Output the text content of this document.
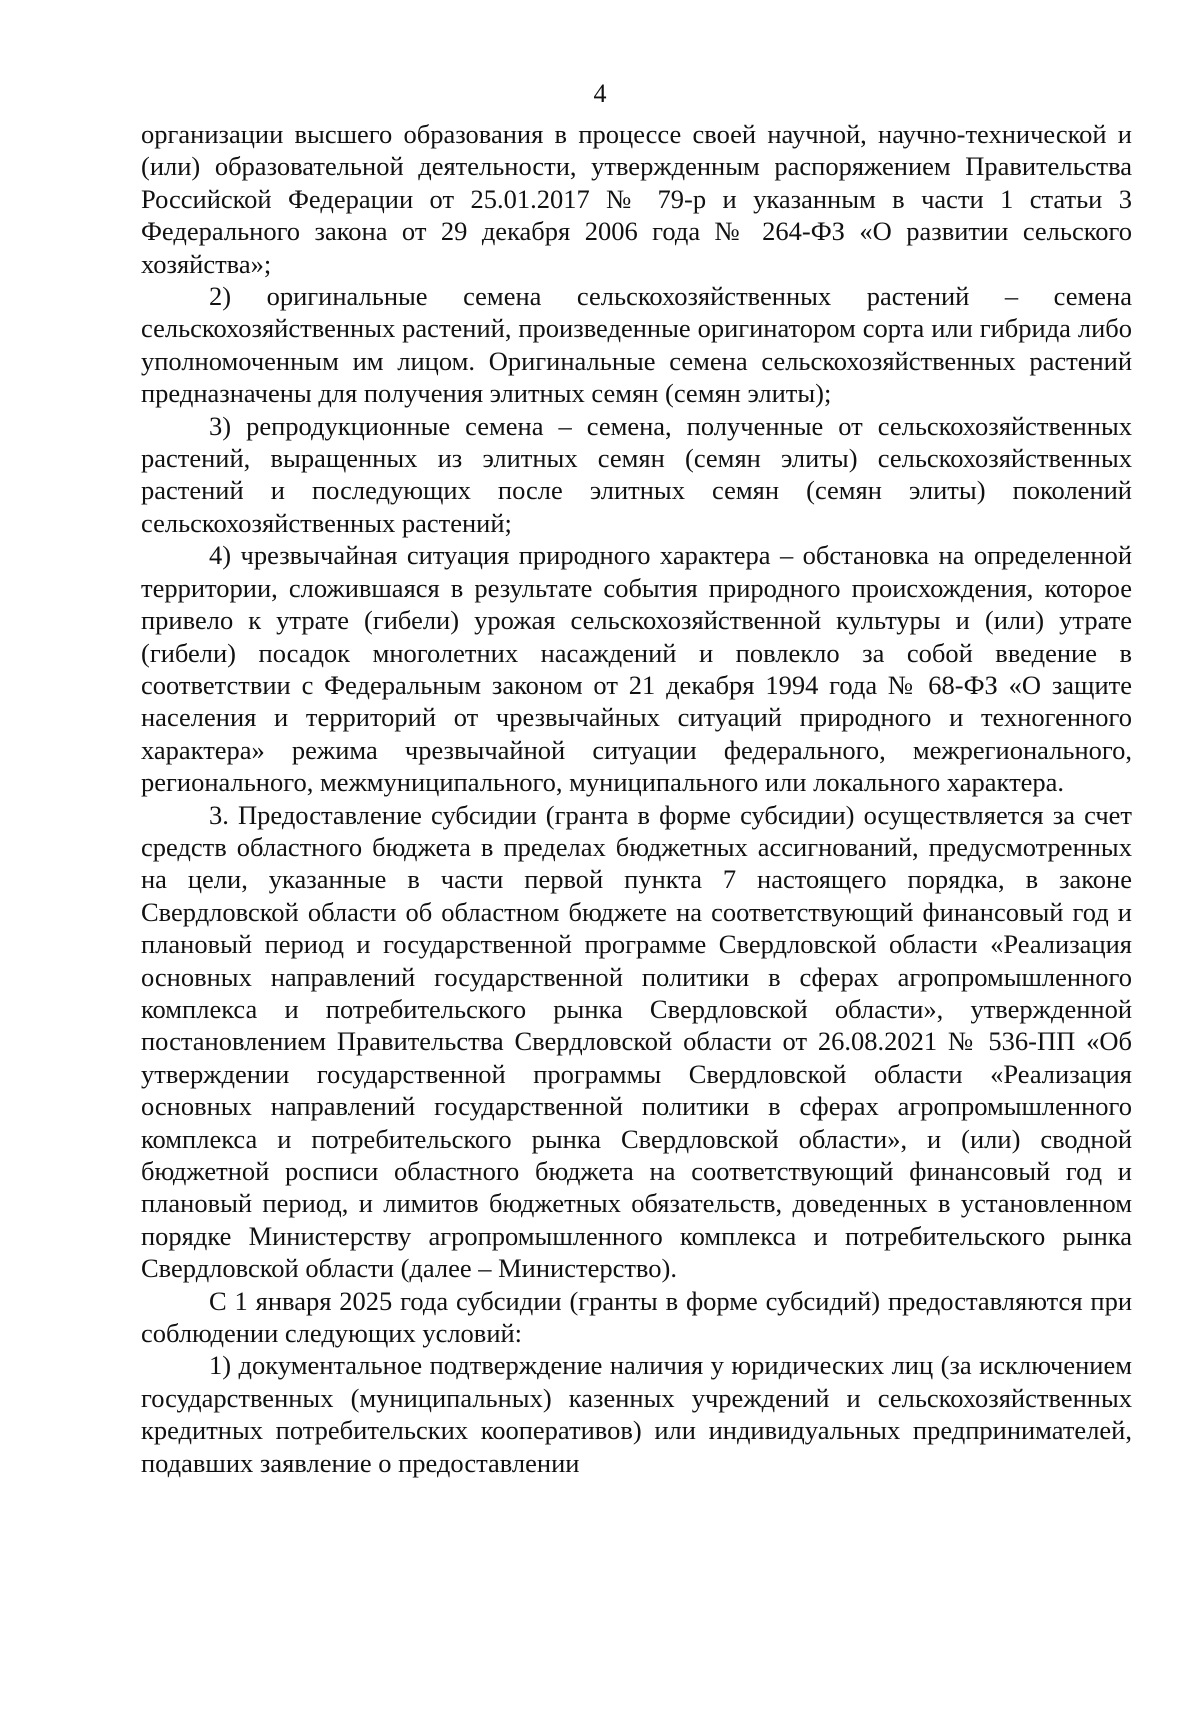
4

организации высшего образования в процессе своей научной, научно-технической и (или) образовательной деятельности, утвержденным распоряжением Правительства Российской Федерации от 25.01.2017 № 79-р и указанным в части 1 статьи 3 Федерального закона от 29 декабря 2006 года № 264-ФЗ «О развитии сельского хозяйства»;

2) оригинальные семена сельскохозяйственных растений – семена сельскохозяйственных растений, произведенные оригинатором сорта или гибрида либо уполномоченным им лицом. Оригинальные семена сельскохозяйственных растений предназначены для получения элитных семян (семян элиты);

3) репродукционные семена – семена, полученные от сельскохозяйственных растений, выращенных из элитных семян (семян элиты) сельскохозяйственных растений и последующих после элитных семян (семян элиты) поколений сельскохозяйственных растений;

4) чрезвычайная ситуация природного характера – обстановка на определенной территории, сложившаяся в результате события природного происхождения, которое привело к утрате (гибели) урожая сельскохозяйственной культуры и (или) утрате (гибели) посадок многолетних насаждений и повлекло за собой введение в соответствии с Федеральным законом от 21 декабря 1994 года № 68-ФЗ «О защите населения и территорий от чрезвычайных ситуаций природного и техногенного характера» режима чрезвычайной ситуации федерального, межрегионального, регионального, межмуниципального, муниципального или локального характера.

3. Предоставление субсидии (гранта в форме субсидии) осуществляется за счет средств областного бюджета в пределах бюджетных ассигнований, предусмотренных на цели, указанные в части первой пункта 7 настоящего порядка, в законе Свердловской области об областном бюджете на соответствующий финансовый год и плановый период и государственной программе Свердловской области «Реализация основных направлений государственной политики в сферах агропромышленного комплекса и потребительского рынка Свердловской области», утвержденной постановлением Правительства Свердловской области от 26.08.2021 № 536-ПП «Об утверждении государственной программы Свердловской области «Реализация основных направлений государственной политики в сферах агропромышленного комплекса и потребительского рынка Свердловской области», и (или) сводной бюджетной росписи областного бюджета на соответствующий финансовый год и плановый период, и лимитов бюджетных обязательств, доведенных в установленном порядке Министерству агропромышленного комплекса и потребительского рынка Свердловской области (далее – Министерство).

С 1 января 2025 года субсидии (гранты в форме субсидий) предоставляются при соблюдении следующих условий:

1) документальное подтверждение наличия у юридических лиц (за исключением государственных (муниципальных) казенных учреждений и сельскохозяйственных кредитных потребительских кооперативов) или индивидуальных предпринимателей, подавших заявление о предоставлении
